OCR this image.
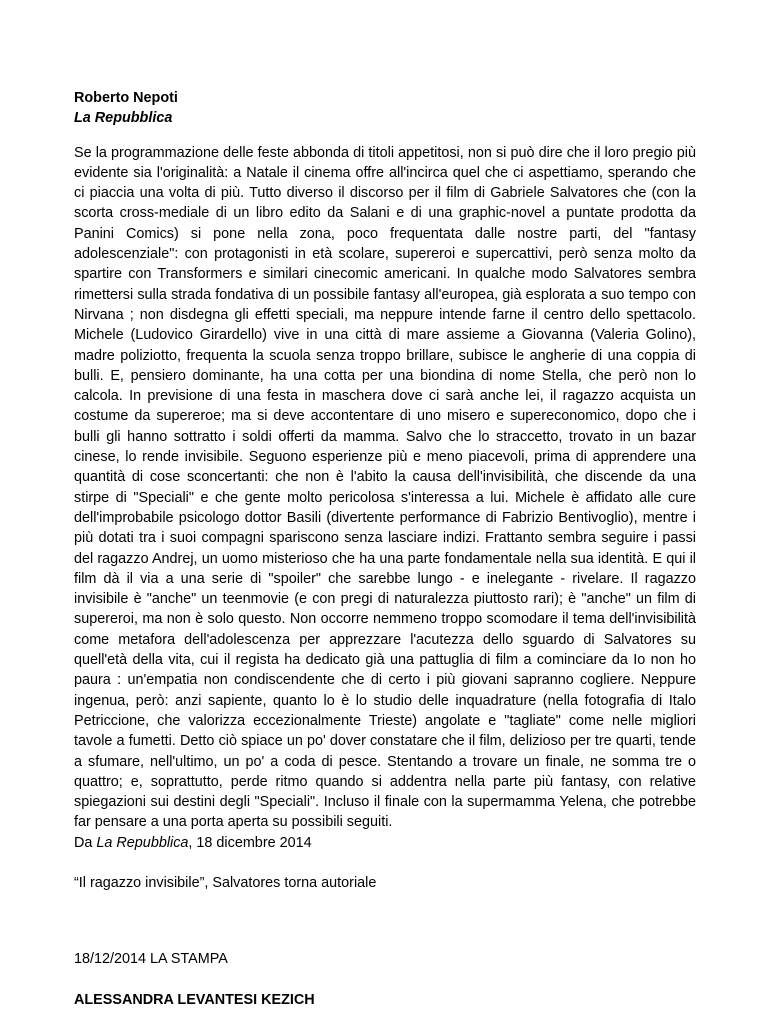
Roberto Nepoti

La Repubblica

Se la programmazione delle feste abbonda di titoli appetitosi, non si può dire che il loro pregio più evidente sia l'originalità: a Natale il cinema offre all'incirca quel che ci aspettiamo, sperando che ci piaccia una volta di più. Tutto diverso il discorso per il film di Gabriele Salvatores che (con la scorta cross-mediale di un libro edito da Salani e di una graphic-novel a puntate prodotta da Panini Comics) si pone nella zona, poco frequentata dalle nostre parti, del "fantasy adolescenziale": con protagonisti in età scolare, supereroi e supercattivi, però senza molto da spartire con Transformers e similari cinecomic americani. In qualche modo Salvatores sembra rimettersi sulla strada fondativa di un possibile fantasy all'europea, già esplorata a suo tempo con Nirvana ; non disdegna gli effetti speciali, ma neppure intende farne il centro dello spettacolo. Michele (Ludovico Girardello) vive in una città di mare assieme a Giovanna (Valeria Golino), madre poliziotto, frequenta la scuola senza troppo brillare, subisce le angherie di una coppia di bulli. E, pensiero dominante, ha una cotta per una biondina di nome Stella, che però non lo calcola. In previsione di una festa in maschera dove ci sarà anche lei, il ragazzo acquista un costume da supereroe; ma si deve accontentare di uno misero e supereconomico, dopo che i bulli gli hanno sottratto i soldi offerti da mamma. Salvo che lo straccetto, trovato in un bazar cinese, lo rende invisibile. Seguono esperienze più e meno piacevoli, prima di apprendere una quantità di cose sconcertanti: che non è l'abito la causa dell'invisibilità, che discende da una stirpe di "Speciali" e che gente molto pericolosa s'interessa a lui. Michele è affidato alle cure dell'improbabile psicologo dottor Basili (divertente performance di Fabrizio Bentivoglio), mentre i più dotati tra i suoi compagni spariscono senza lasciare indizi. Frattanto sembra seguire i passi del ragazzo Andrej, un uomo misterioso che ha una parte fondamentale nella sua identità. E qui il film dà il via a una serie di "spoiler" che sarebbe lungo - e inelegante - rivelare. Il ragazzo invisibile è "anche" un teenmovie (e con pregi di naturalezza piuttosto rari); è "anche" un film di supereroi, ma non è solo questo. Non occorre nemmeno troppo scomodare il tema dell'invisibilità come metafora dell'adolescenza per apprezzare l'acutezza dello sguardo di Salvatores su quell'età della vita, cui il regista ha dedicato già una pattuglia di film a cominciare da Io non ho paura : un'empatia non condiscendente che di certo i più giovani sapranno cogliere. Neppure ingenua, però: anzi sapiente, quanto lo è lo studio delle inquadrature (nella fotografia di Italo Petriccione, che valorizza eccezionalmente Trieste) angolate e "tagliate" come nelle migliori tavole a fumetti. Detto ciò spiace un po' dover constatare che il film, delizioso per tre quarti, tende a sfumare, nell'ultimo, un po' a coda di pesce. Stentando a trovare un finale, ne somma tre o quattro; e, soprattutto, perde ritmo quando si addentra nella parte più fantasy, con relative spiegazioni sui destini degli "Speciali". Incluso il finale con la supermamma Yelena, che potrebbe far pensare a una porta aperta su possibili seguiti.

Da La Repubblica, 18 dicembre 2014

“Il ragazzo invisibile”, Salvatores torna autoriale

18/12/2014 LA STAMPA

ALESSANDRA LEVANTESI KEZICH
